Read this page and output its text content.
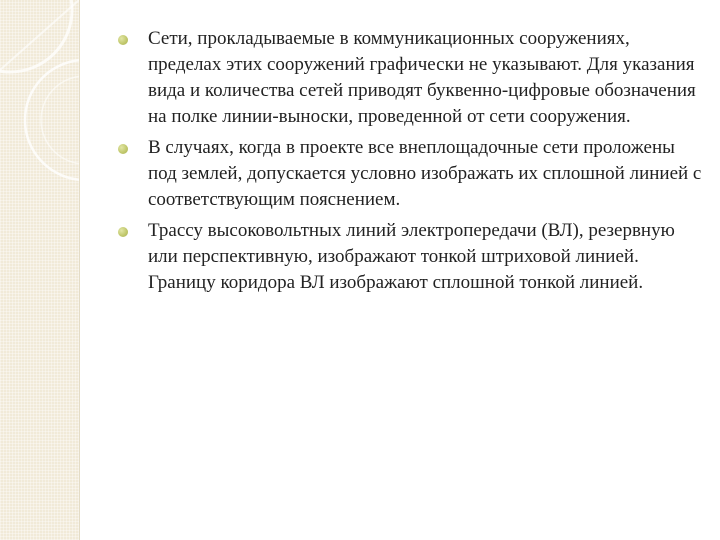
Сети, прокладываемые в коммуникационных сооружениях, пределах этих сооружений графически не указывают. Для указания вида и количества сетей приводят буквенно-цифровые обозначения на полке линии-выноски, проведенной от сети сооружения.
В случаях, когда в проекте все внеплощадочные сети проложены под землей, допускается условно изображать их сплошной линией с соответствующим пояснением.
Трассу высоковольтных линий электропередачи (ВЛ), резервную или перспективную, изображают тонкой штриховой линией. Границу коридора ВЛ изображают сплошной тонкой линией.
